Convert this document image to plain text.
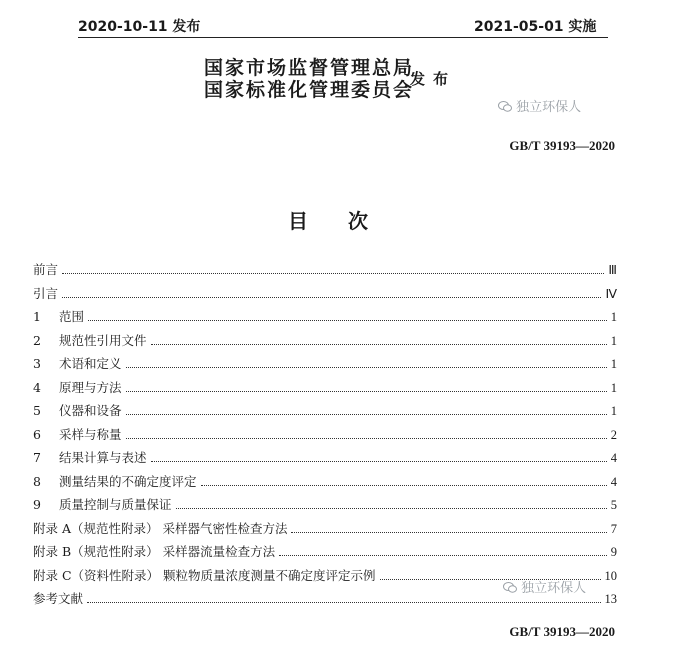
2020-10-11 发布	2021-05-01 实施
国家市场监督管理总局
国家标准化管理委员会
发布
独立环保人
GB/T 39193—2020
目次
前言	Ⅲ
引言	Ⅳ
1	范围	1
2	规范性引用文件	1
3	术语和定义	1
4	原理与方法	1
5	仪器和设备	1
6	采样与称量	2
7	结果计算与表述	4
8	测量结果的不确定度评定	4
9	质量控制与质量保证	5
附录 A（规范性附录） 采样器气密性检查方法	7
附录 B（规范性附录） 采样器流量检查方法	9
附录 C（资料性附录） 颗粒物质量浓度测量不确定度评定示例	10
参考文献	13
独立环保人
GB/T 39193—2020
